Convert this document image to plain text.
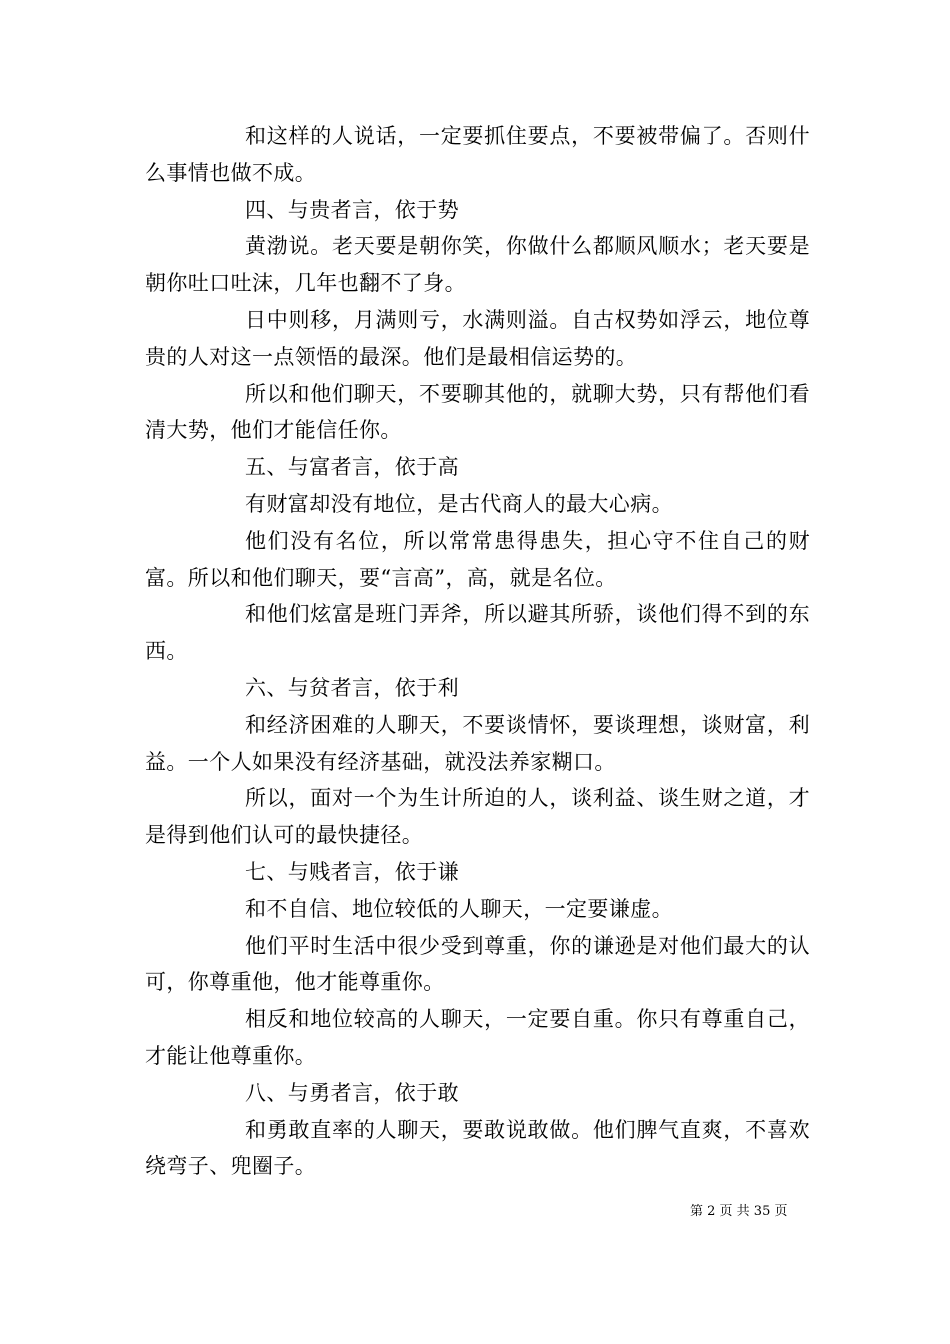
和这样的人说话，一定要抓住要点，不要被带偏了。否则什么事情也做不成。

四、与贵者言，依于势

黄渤说。老天要是朝你笑，你做什么都顺风顺水；老天要是朝你吐口吐沫，几年也翻不了身。

日中则移，月满则亏，水满则溢。自古权势如浮云，地位尊贵的人对这一点领悟的最深。他们是最相信运势的。

所以和他们聊天，不要聊其他的，就聊大势，只有帮他们看清大势，他们才能信任你。

五、与富者言，依于高

有财富却没有地位，是古代商人的最大心病。

他们没有名位，所以常常患得患失，担心守不住自己的财富。所以和他们聊天，要“言高”，高，就是名位。

和他们炫富是班门弄斧，所以避其所骄，谈他们得不到的东西。

六、与贫者言，依于利

和经济困难的人聊天，不要谈情怀，要谈理想，谈财富，利益。一个人如果没有经济基础，就没法养家糊口。

所以，面对一个为生计所迫的人，谈利益、谈生财之道，才是得到他们认可的最快捷径。

七、与贱者言，依于谦

和不自信、地位较低的人聊天，一定要谦虚。

他们平时生活中很少受到尊重，你的谦逊是对他们最大的认可，你尊重他，他才能尊重你。

相反和地位较高的人聊天，一定要自重。你只有尊重自己，才能让他尊重你。

八、与勇者言，依于敢

和勇敢直率的人聊天，要敢说敢做。他们脾气直爽，不喜欢绕弯子、兜圈子。

第 2 页 共 35 页
